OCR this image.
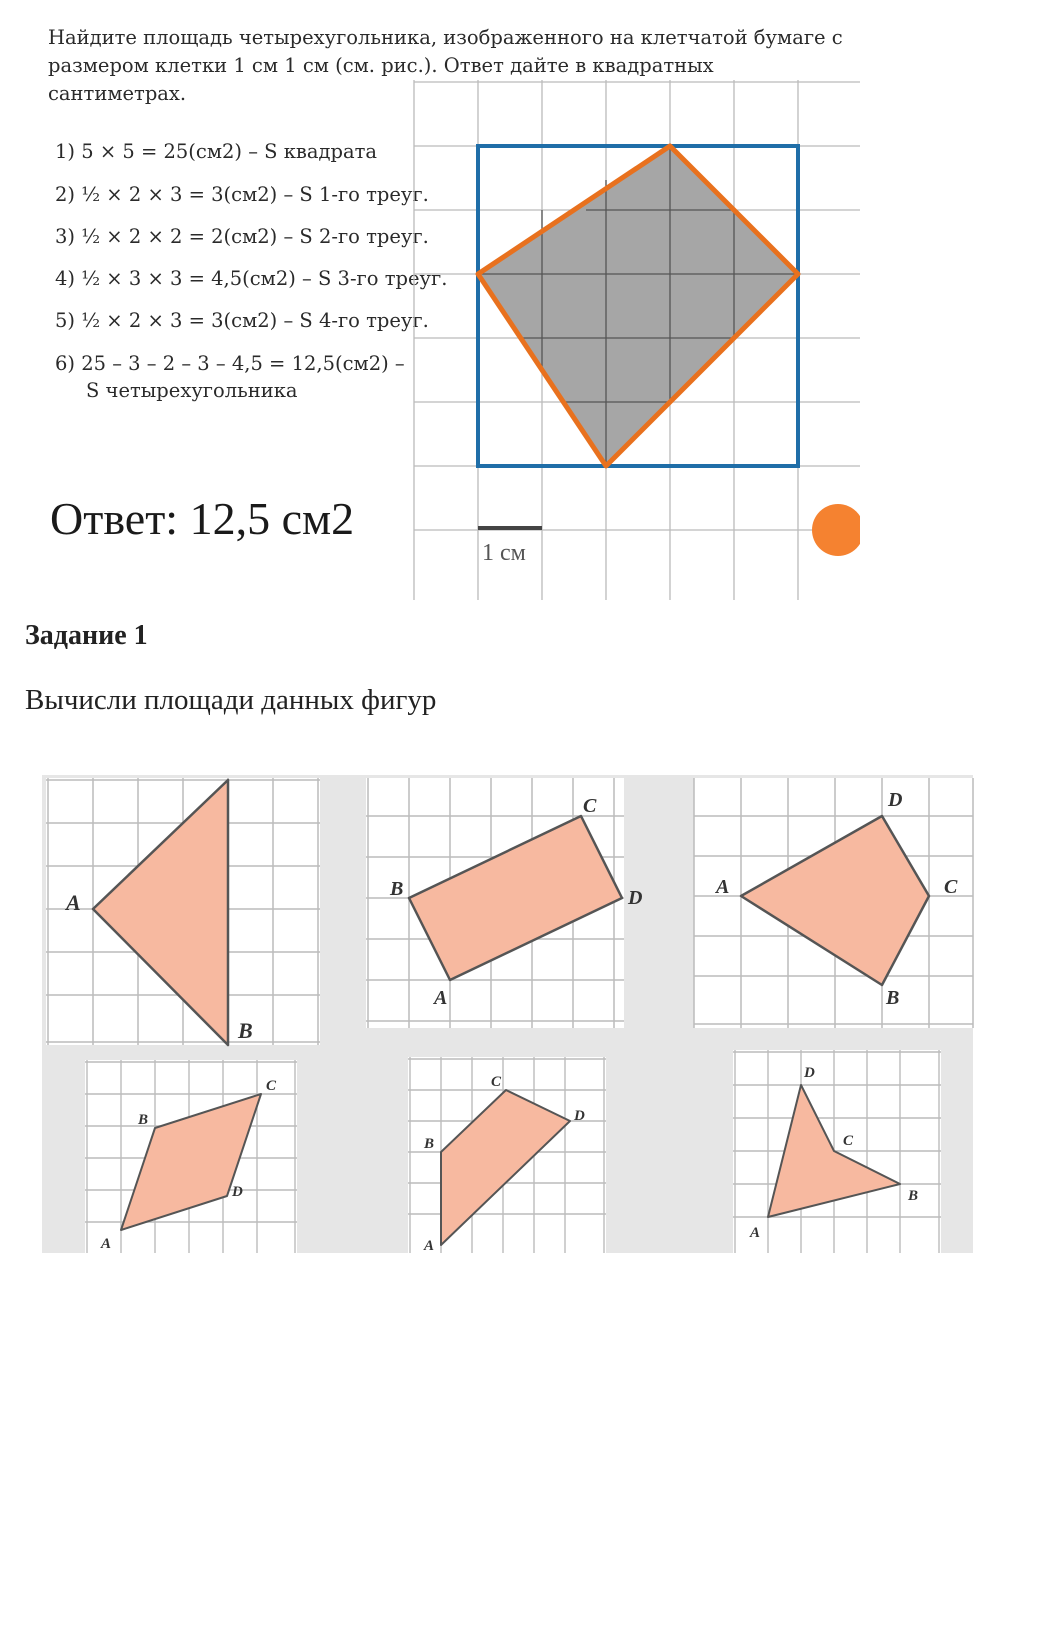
Найдите площадь четырехугольника, изображенного на клетчатой бумаге с размером клетки 1 см 1 см (см. рис.). Ответ дайте в квадратных сантиметрах.
1) 5 × 5 = 25(см2) – S квадрата
2) ½ × 2 × 3 = 3(см2) – S 1-го треуг.
3) ½ × 2 × 2 = 2(см2) – S 2-го треуг.
4) ½ × 3 × 3 = 4,5(см2) – S 3-го треуг.
5) ½ × 2 × 3 = 3(см2) – S 4-го треуг.
6) 25 – 3 – 2 – 3 – 4,5 = 12,5(см2) –
S четырехугольника
1 см
Ответ: 12,5 см2
Задание 1
Вычисли площади данных фигур
A
B
A
B
C
D	A
B
C
D
A
B
C
D
A
B
C
D
A
B
C
D
